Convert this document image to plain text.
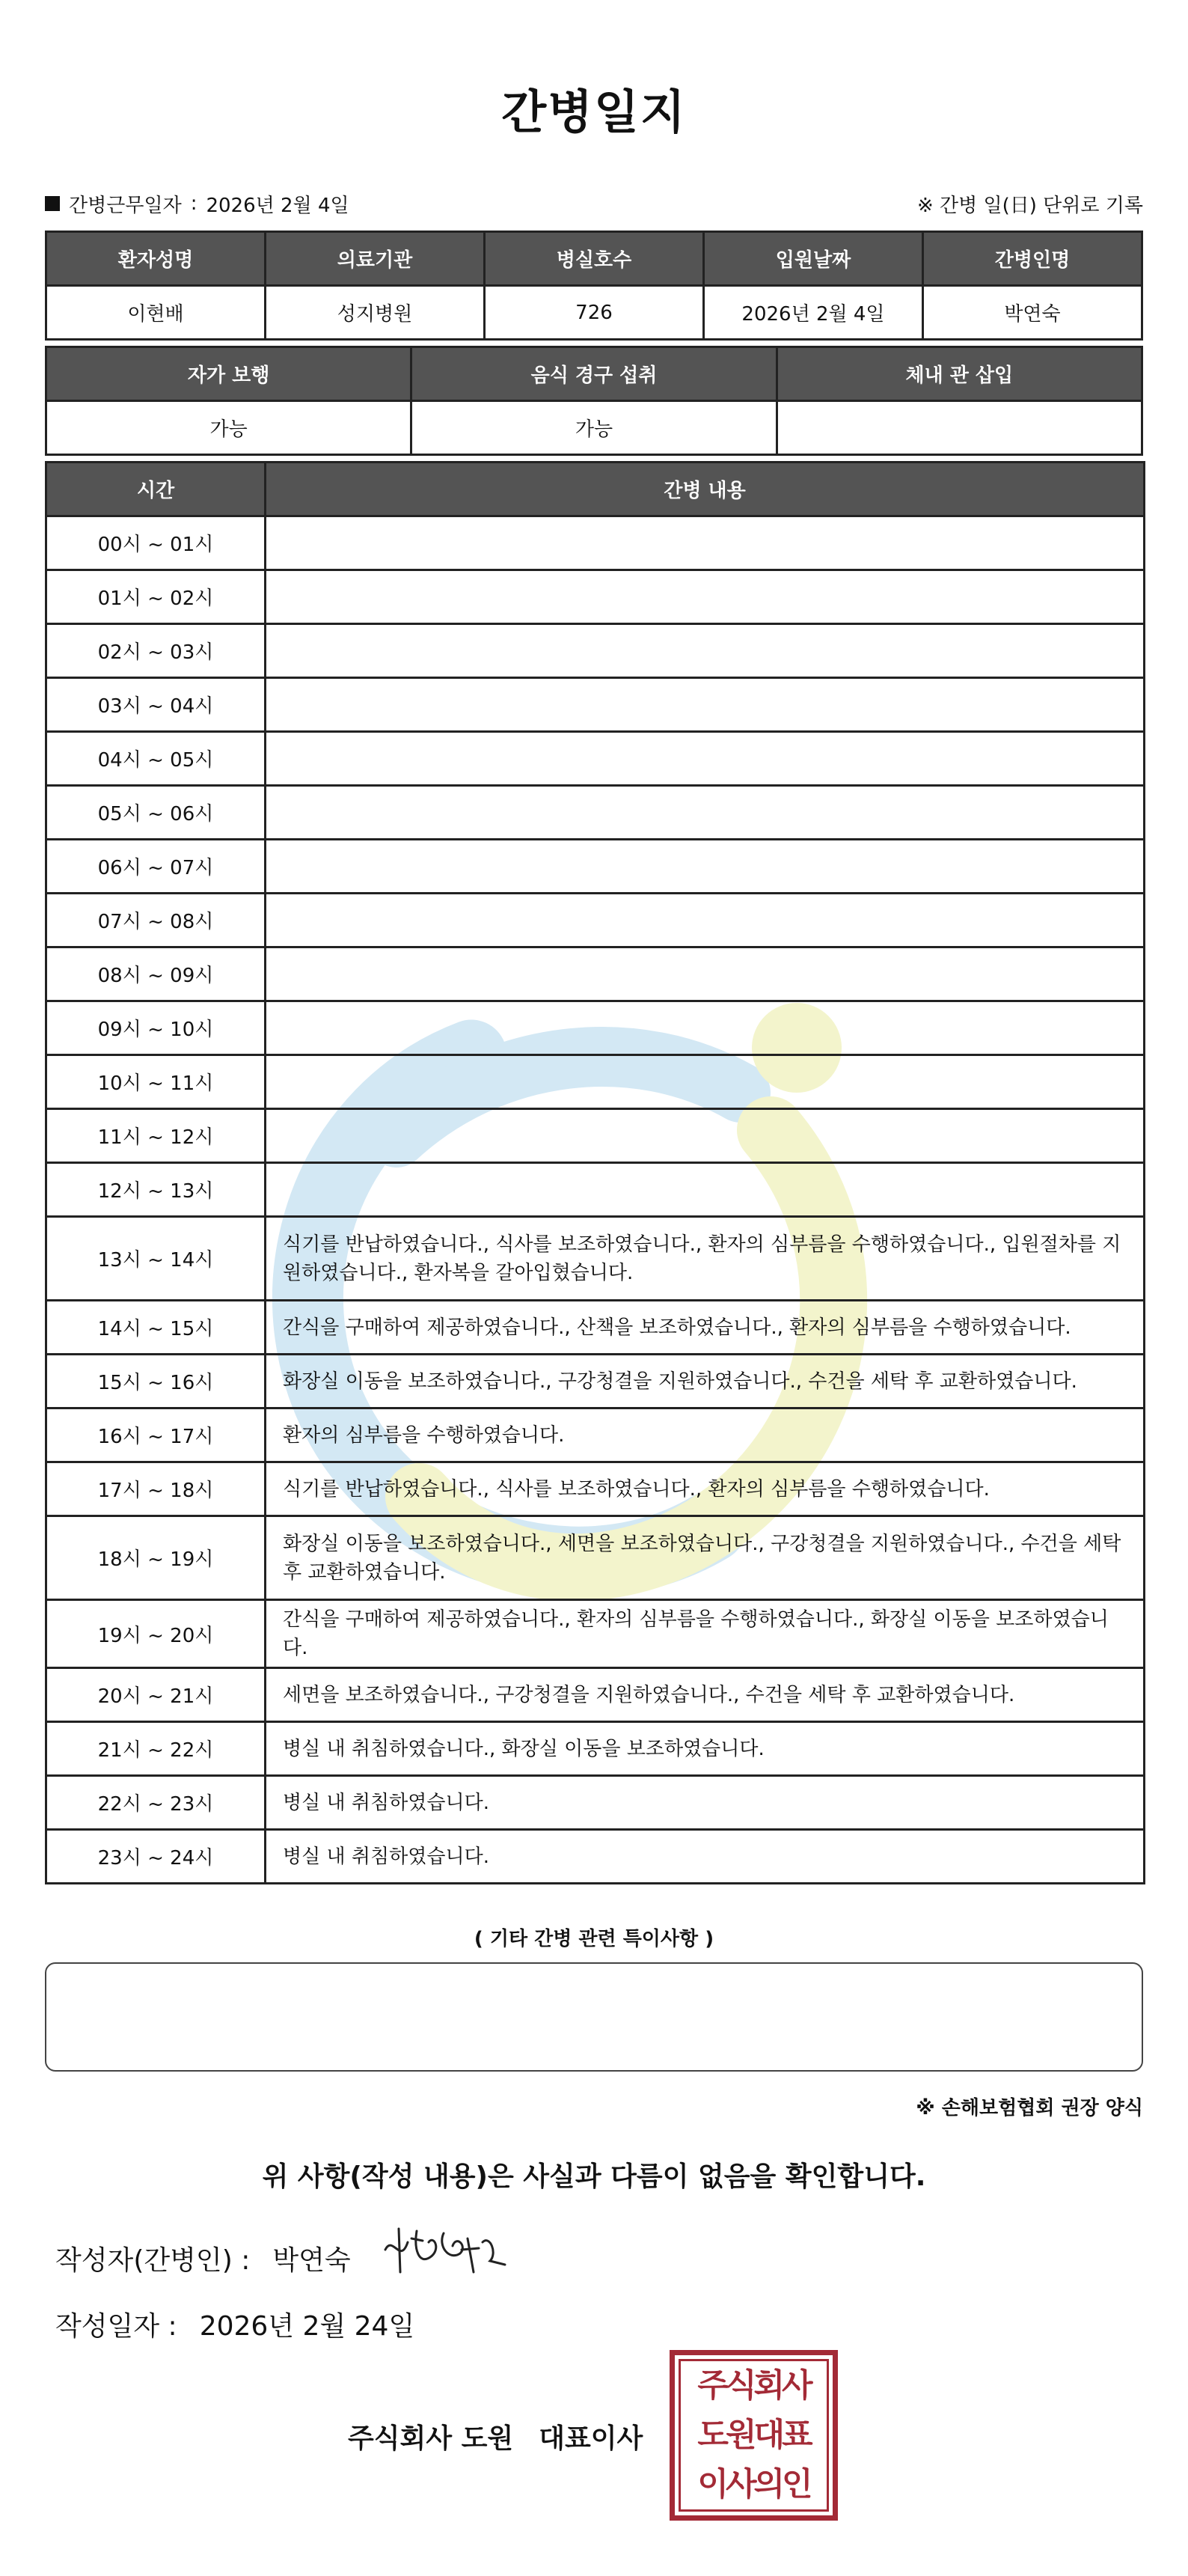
간병일지
간병근무일자 : 2026년 2월 4일	※ 간병 일(日) 단위로 기록
환자성명	의료기관	병실호수	입원날짜	간병인명
이현배	성지병원	726	2026년 2월 4일	박연숙
자가 보행	음식 경구 섭취	체내 관 삽입
가능	가능	
시간	간병 내용
00시 ~ 01시	
01시 ~ 02시	
02시 ~ 03시	
03시 ~ 04시	
04시 ~ 05시	
05시 ~ 06시	
06시 ~ 07시	
07시 ~ 08시	
08시 ~ 09시	
09시 ~ 10시	
10시 ~ 11시	
11시 ~ 12시	
12시 ~ 13시	
13시 ~ 14시	식기를 반납하였습니다., 식사를 보조하였습니다., 환자의 심부름을 수행하였습니다., 입원절차를 지원하였습니다., 환자복을 갈아입혔습니다.
14시 ~ 15시	간식을 구매하여 제공하였습니다., 산책을 보조하였습니다., 환자의 심부름을 수행하였습니다.
15시 ~ 16시	화장실 이동을 보조하였습니다., 구강청결을 지원하였습니다., 수건을 세탁 후 교환하였습니다.
16시 ~ 17시	환자의 심부름을 수행하였습니다.
17시 ~ 18시	식기를 반납하였습니다., 식사를 보조하였습니다., 환자의 심부름을 수행하였습니다.
18시 ~ 19시	화장실 이동을 보조하였습니다., 세면을 보조하였습니다., 구강청결을 지원하였습니다., 수건을 세탁 후 교환하였습니다.
19시 ~ 20시	간식을 구매하여 제공하였습니다., 환자의 심부름을 수행하였습니다., 화장실 이동을 보조하였습니다.
20시 ~ 21시	세면을 보조하였습니다., 구강청결을 지원하였습니다., 수건을 세탁 후 교환하였습니다.
21시 ~ 22시	병실 내 취침하였습니다., 화장실 이동을 보조하였습니다.
22시 ~ 23시	병실 내 취침하였습니다.
23시 ~ 24시	병실 내 취침하였습니다.
( 기타 간병 관련 특이사항 )
※ 손해보험협회 권장 양식
위 사항(작성 내용)은 사실과 다름이 없음을 확인합니다.
작성자(간병인) : 박연숙
작성일자 : 2026년 2월 24일
주식회사 도원 대표이사
주식회사
도원대표
이사의인
